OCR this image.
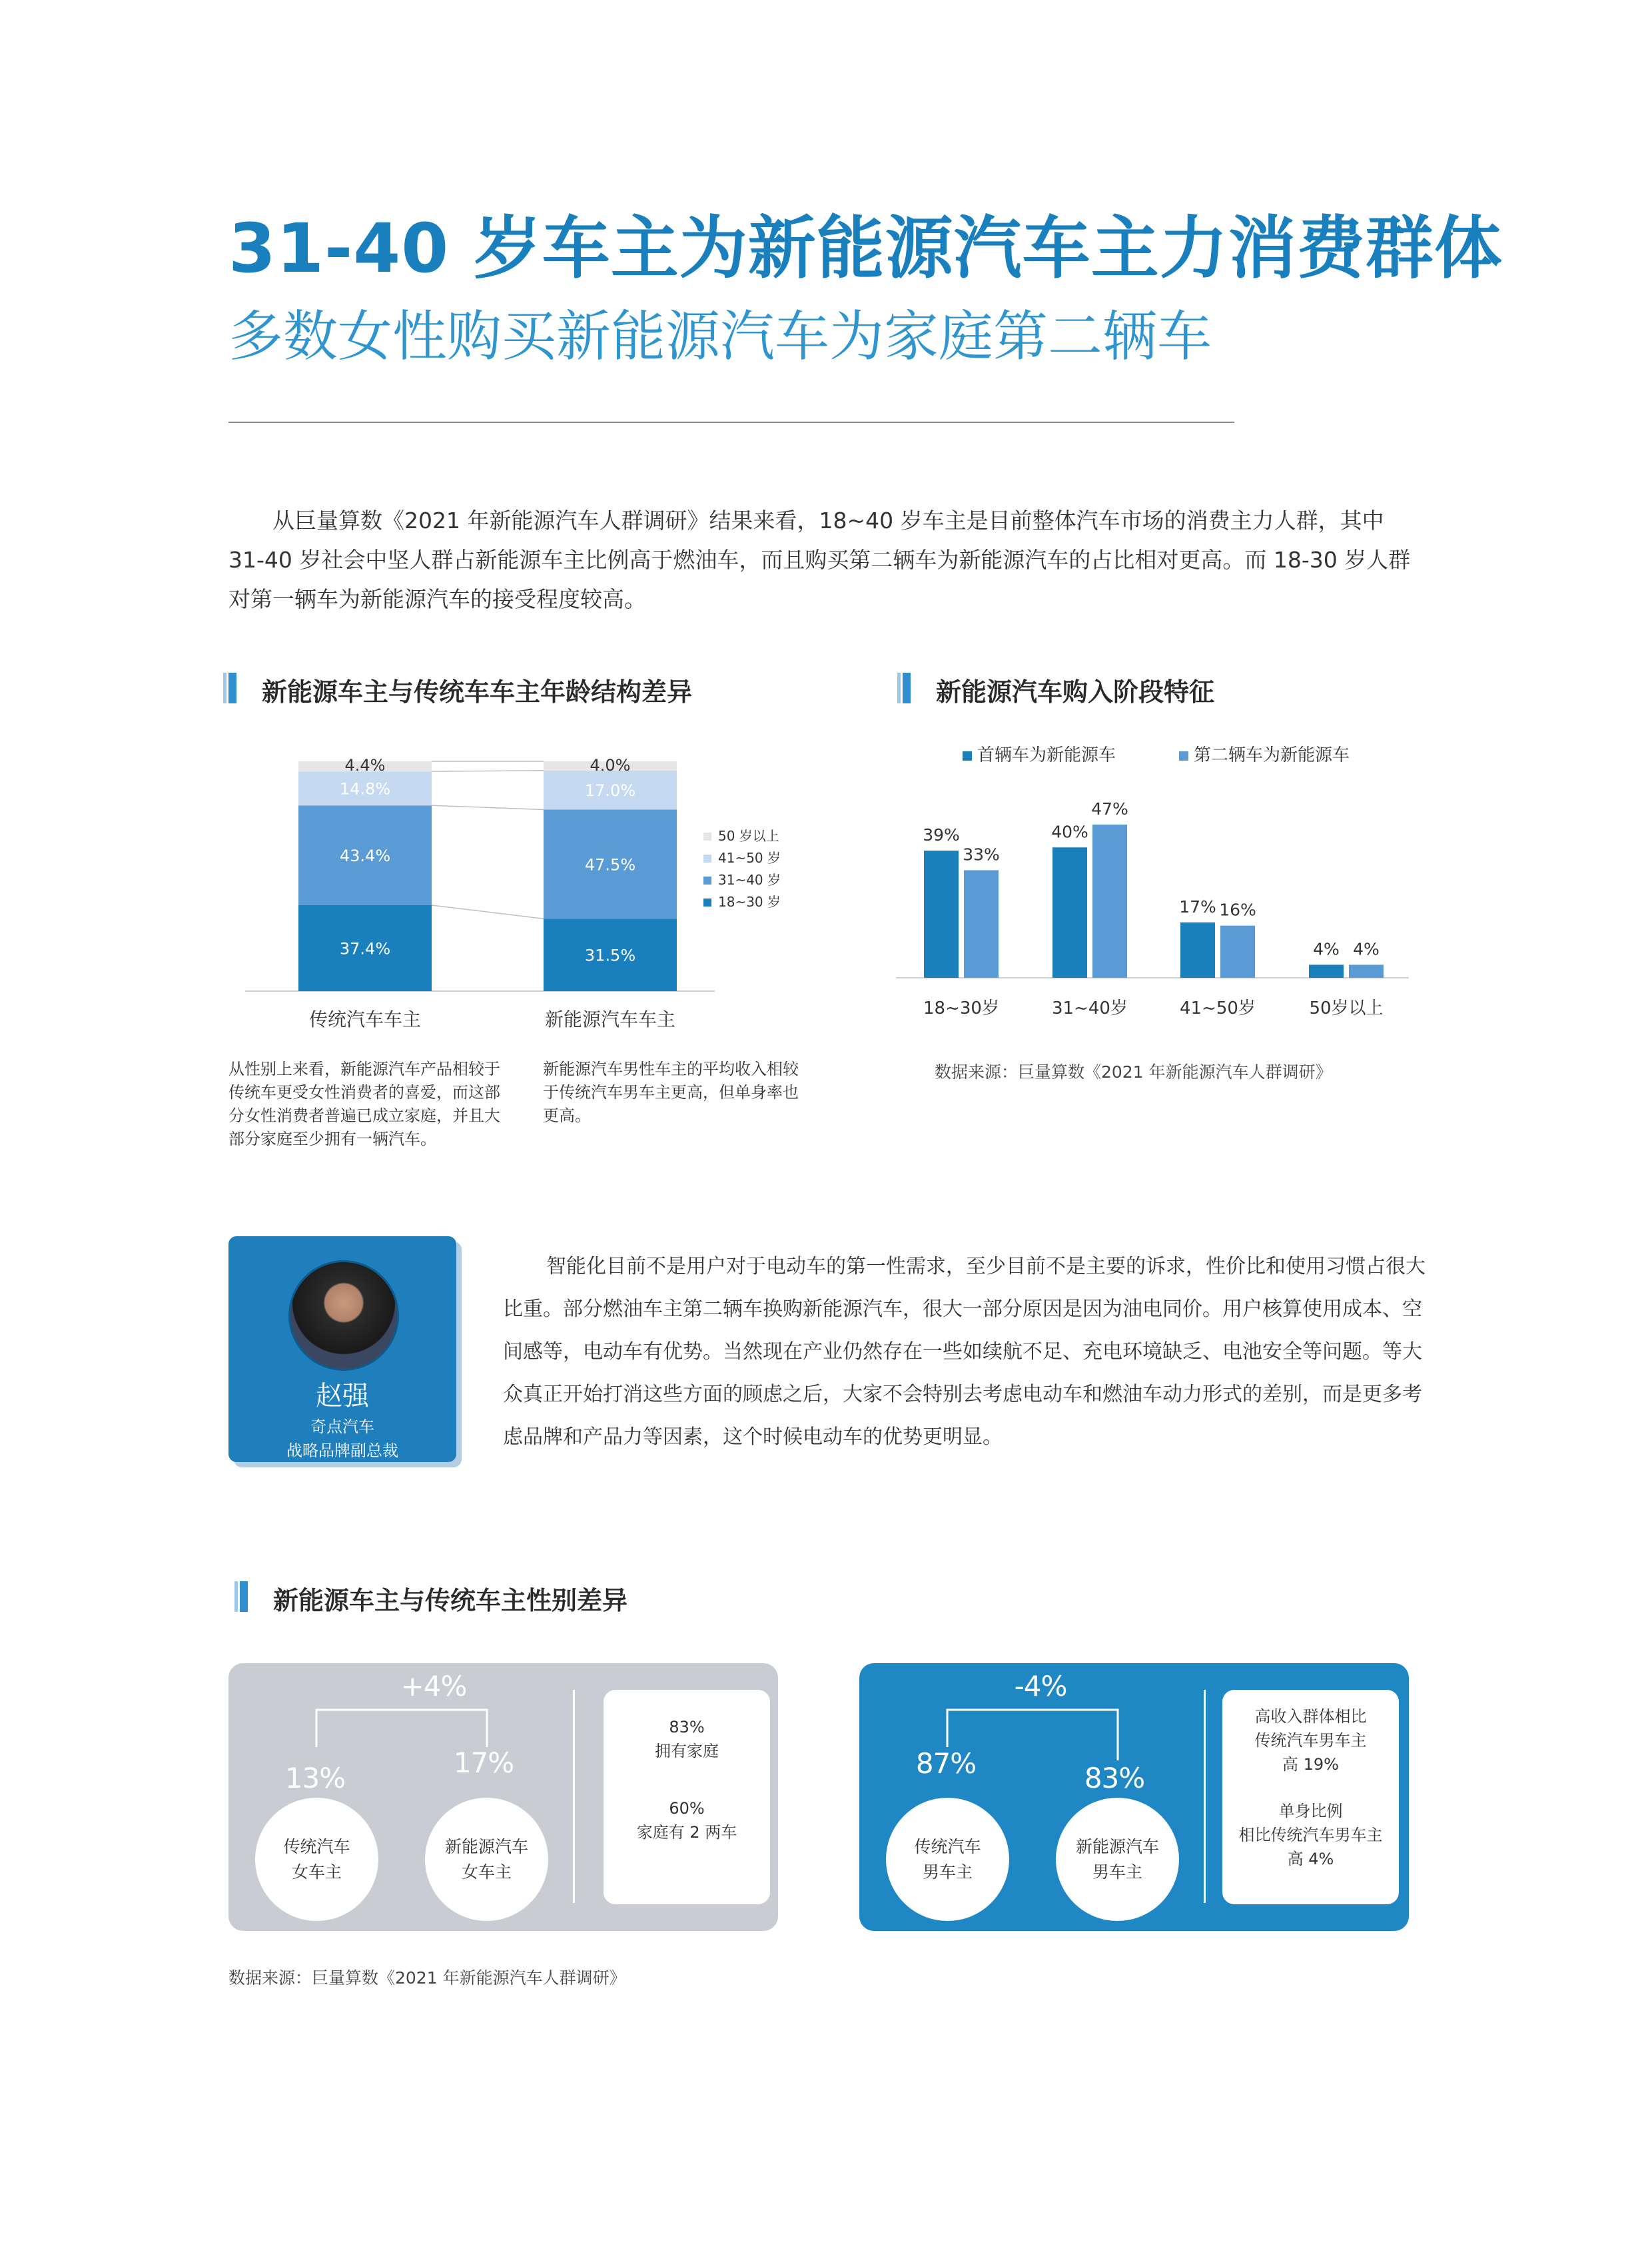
31-40 岁车主为新能源汽车主力消费群体
多数女性购买新能源汽车为家庭第二辆车

从巨量算数《2021 年新能源汽车人群调研》结果来看，18~40 岁车主是目前整体汽车市场的消费主力人群，其中 31-40 岁社会中坚人群占新能源车主比例高于燃油车，而且购买第二辆车为新能源汽车的占比相对更高。而 18-30 岁人群对第一辆车为新能源汽车的接受程度较高。

新能源车主与传统车车主年龄结构差异	新能源汽车购入阶段特征
37.4%
43.4%
14.8%
4.4%
传统汽车车主
31.5%
47.5%
17.0%
4.0%
新能源汽车车主
50 岁以上
41~50 岁
31~40 岁
18~30 岁
39%
33%
18~30岁
40%
47%
31~40岁
17% 16%
41~50岁
4% 4%
50岁以上
首辆车为新能源车	第二辆车为新能源车
从性别上来看，新能源汽车产品相较于传统车更受女性消费者的喜爱，而这部分女性消费者普遍已成立家庭，并且大部分家庭至少拥有一辆汽车。
新能源汽车男性车主的平均收入相较于传统汽车男车主更高，但单身率也更高。
数据来源：巨量算数《2021 年新能源汽车人群调研》
赵强
奇点汽车
战略品牌副总裁

智能化目前不是用户对于电动车的第一性需求，至少目前不是主要的诉求，性价比和使用习惯占很大比重。部分燃油车主第二辆车换购新能源汽车，很大一部分原因是因为油电同价。用户核算使用成本、空间感等，电动车有优势。当然现在产业仍然存在一些如续航不足、充电环境缺乏、电池安全等问题。等大众真正开始打消这些方面的顾虑之后，大家不会特别去考虑电动车和燃油车动力形式的差别，而是更多考虑品牌和产品力等因素，这个时候电动车的优势更明显。

新能源车主与传统车主性别差异
+4%
13%	17%
传统汽车
女车主
新能源汽车
女车主
83%
拥有家庭
60%
家庭有 2 两车
-4%
87%	83%
传统汽车
男车主
新能源汽车
男车主
高收入群体相比
传统汽车男车主
高 19%
单身比例
相比传统汽车男车主
高 4%
数据来源：巨量算数《2021 年新能源汽车人群调研》
